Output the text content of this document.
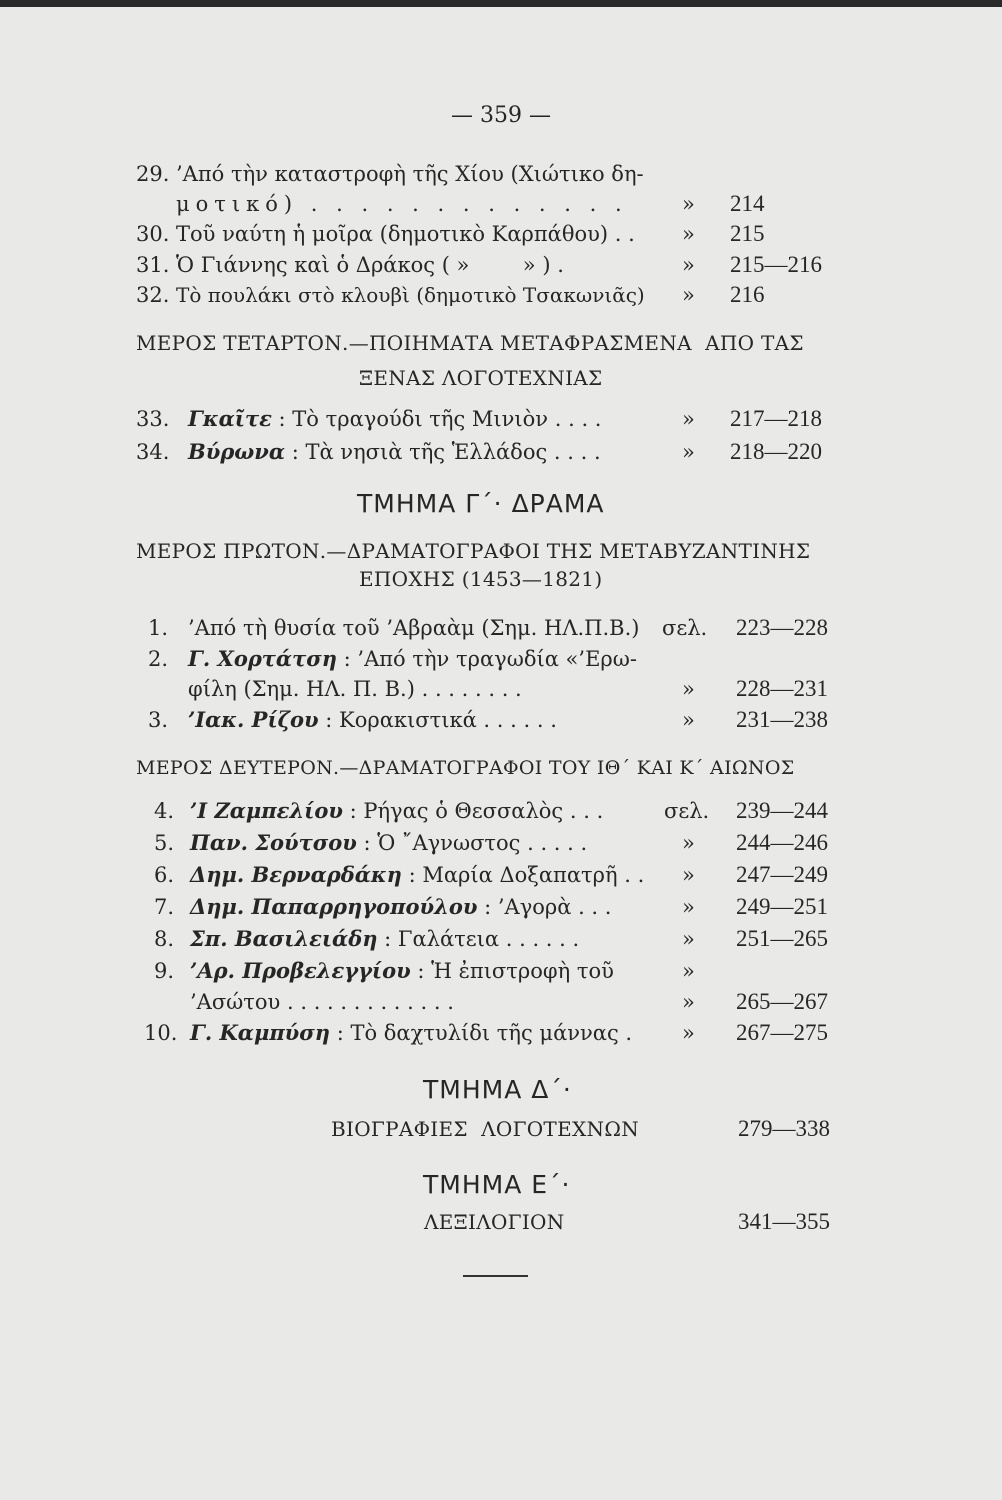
— 359 —
29. ’Από τὴν καταστροφὴ τῆς Χίου (Χιώτικο δη-
μοτικό) . . . . . . . . . . . . .	» 214
30. Τοῦ ναύτη ἡ μοῖρα (δημοτικὸ Καρπάθου) . . » 215
31. Ὁ Γιάννης καὶ ὁ Δράκος ( »        » ) .	» 215—216
32. Τὸ πουλάκι στὸ κλουβὶ (δημοτικὸ Τσακωνιᾶς) » 216
ΜΕΡΟΣ ΤΕΤΑΡΤΟΝ.—ΠΟΙΗΜΑΤΑ ΜΕΤΑΦΡΑΣΜΕΝΑ  ΑΠΟ ΤΑΣ
ΞΕΝΑΣ ΛΟΓΟΤΕΧΝΙΑΣ
33. Γκαῖτε : Τὸ τραγούδι τῆς Μινιὸν . . . .	» 217—218
34. Βύρωνα : Τὰ νησιὰ τῆς Ἑλλάδος . . . .	» 218—220
ΤΜΗΜΑ Γ΄· ΔΡΑΜΑ
ΜΕΡΟΣ ΠΡΩΤΟΝ.—ΔΡΑΜΑΤΟΓΡΑΦΟΙ ΤΗΣ ΜΕΤΑΒΥΖΑΝΤΙΝΗΣ
ΕΠΟΧΗΣ (1453—1821)
1. ’Από τὴ θυσία τοῦ ’Αβραὰμ (Σημ. ΗΛ.Π.Β.) σελ. 223—228
2. Γ. Χορτάτση : ’Από τὴν τραγωδία «’Ερω-
φίλη (Σημ. ΗΛ. Π. Β.) . . . . . . . .	» 228—231
3. ’Ιακ. Ρίζου : Κορακιστικά . . . . . .	» 231—238
ΜΕΡΟΣ ΔΕΥΤΕΡΟΝ.—ΔΡΑΜΑΤΟΓΡΑΦΟΙ ΤΟΥ ΙΘ΄ ΚΑΙ Κ΄ ΑΙΩΝΟΣ
4. ’Ι Ζαμπελίου : Ρήγας ὁ Θεσσαλὸς . . .	σελ. 239—244
5. Παν. Σούτσου : Ὁ ῎Αγνωστος . . . . .	» 244—246
6. Δημ. Βερναρδάκη : Μαρία Δοξαπατρῆ . . » 247—249
7. Δημ. Παπαρρηγοπούλου : ’Αγορὰ . . .	» 249—251
8. Σπ. Βασιλειάδη : Γαλάτεια . . . . . .	» 251—265
9. ’Αρ. Προβελεγγίου : Ἡ ἐπιστροφὴ τοῦ	»
’Ασώτου . . . . . . . . . . . . .	» 265—267
10. Γ. Καμπύση : Τὸ δαχτυλίδι τῆς μάννας . » 267—275
ΤΜΗΜΑ Δ΄·
ΒΙΟΓΡΑΦΙΕΣ  ΛΟΓΟΤΕΧΝΩΝ	279—338
ΤΜΗΜΑ Ε΄·
ΛΕΞΙΛΟΓΙΟΝ	341—355
